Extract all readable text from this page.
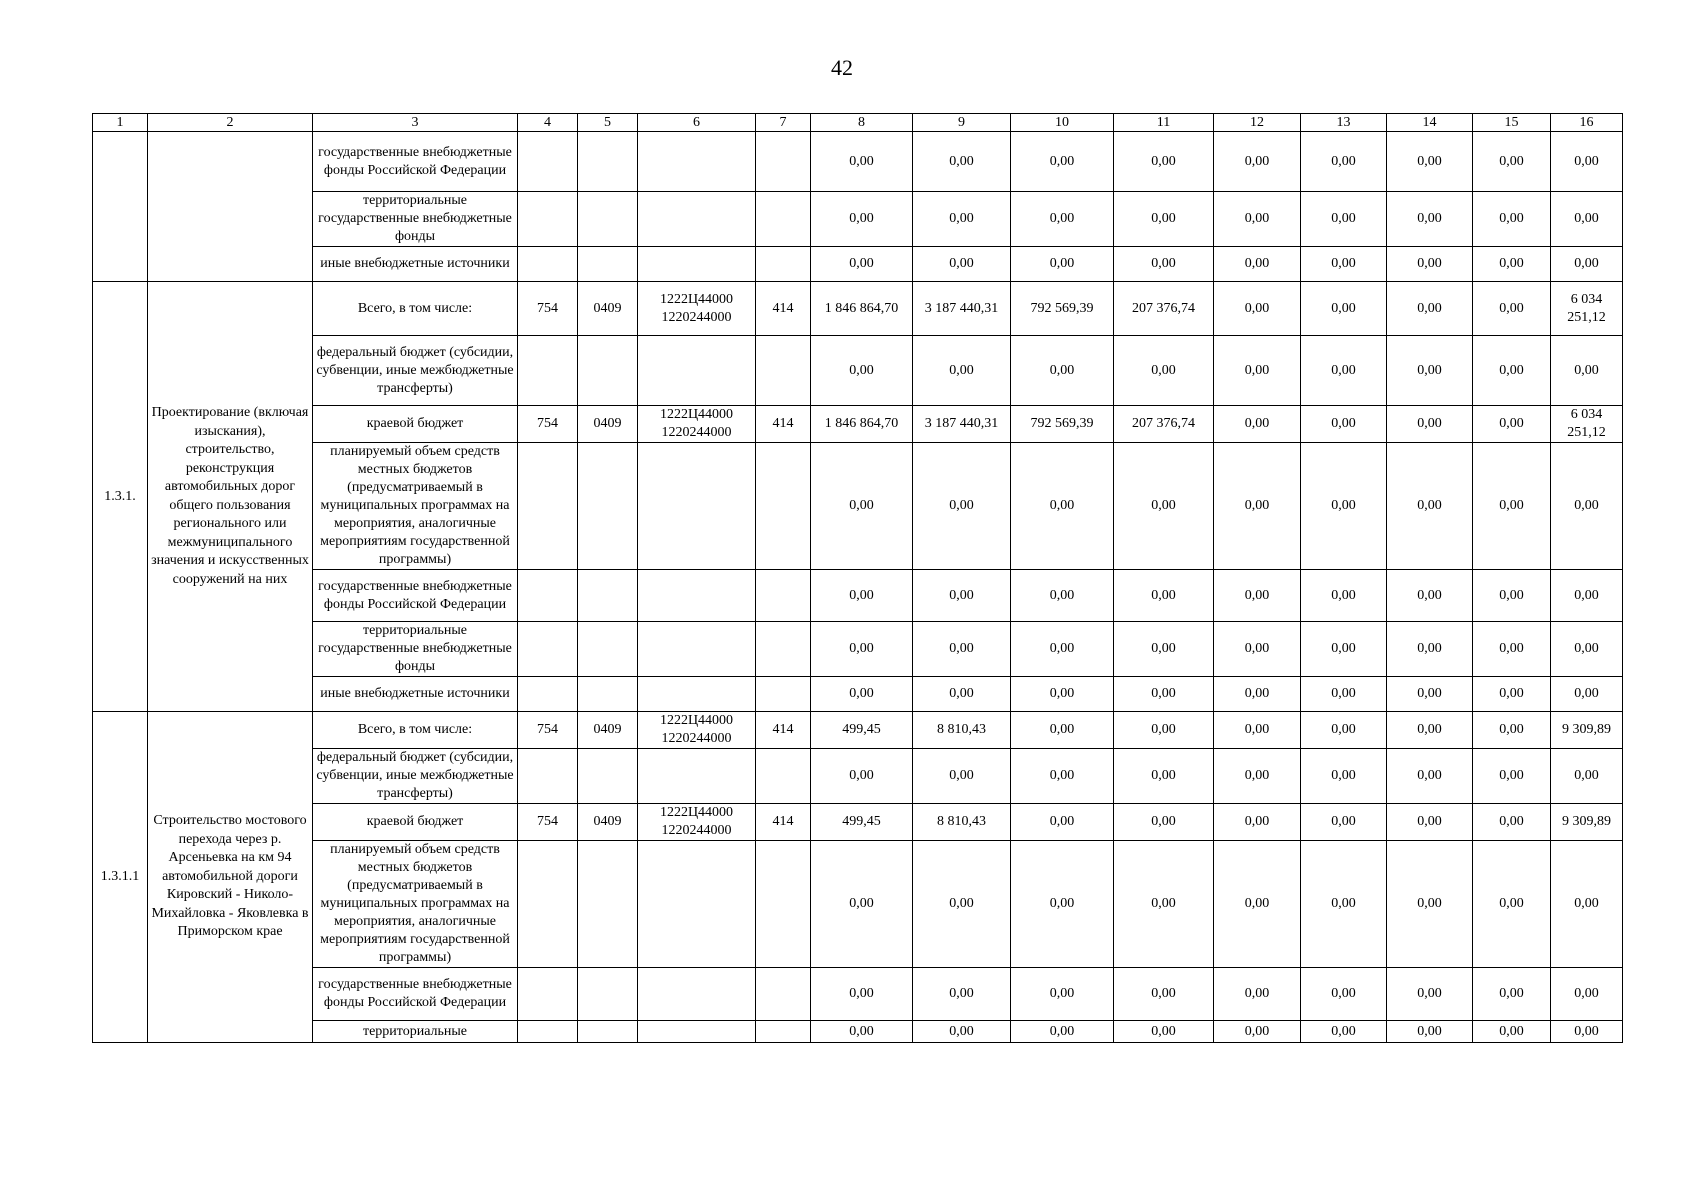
42
1	2	3	4	5	6	7	8	9	10	11	12	13	14	15	16
		государственные внебюджетные фонды Российской Федерации					0,00	0,00	0,00	0,00	0,00	0,00	0,00	0,00	0,00
		территориальные государственные внебюджетные фонды					0,00	0,00	0,00	0,00	0,00	0,00	0,00	0,00	0,00
		иные внебюджетные источники					0,00	0,00	0,00	0,00	0,00	0,00	0,00	0,00	0,00
1.3.1.	Проектирование (включая изыскания), строительство, реконструкция автомобильных дорог общего пользования регионального или межмуниципального значения и искусственных сооружений на них	Всего, в том числе:	754	0409	1222Ц44000 1220244000	414	1 846 864,70	3 187 440,31	792 569,39	207 376,74	0,00	0,00	0,00	0,00	6 034 251,12
		федеральный бюджет (субсидии, субвенции, иные межбюджетные трансферты)					0,00	0,00	0,00	0,00	0,00	0,00	0,00	0,00	0,00
		краевой бюджет	754	0409	1222Ц44000 1220244000	414	1 846 864,70	3 187 440,31	792 569,39	207 376,74	0,00	0,00	0,00	0,00	6 034 251,12
		планируемый объем средств местных бюджетов (предусматриваемый в муниципальных программах на мероприятия, аналогичные мероприятиям государственной программы)					0,00	0,00	0,00	0,00	0,00	0,00	0,00	0,00	0,00
		государственные внебюджетные фонды Российской Федерации					0,00	0,00	0,00	0,00	0,00	0,00	0,00	0,00	0,00
		территориальные государственные внебюджетные фонды					0,00	0,00	0,00	0,00	0,00	0,00	0,00	0,00	0,00
		иные внебюджетные источники					0,00	0,00	0,00	0,00	0,00	0,00	0,00	0,00	0,00
1.3.1.1	Строительство мостового перехода через р. Арсеньевка на км 94 автомобильной дороги Кировский - Николо-Михайловка - Яковлевка в Приморском крае	Всего, в том числе:	754	0409	1222Ц44000 1220244000	414	499,45	8 810,43	0,00	0,00	0,00	0,00	0,00	0,00	9 309,89
		федеральный бюджет (субсидии, субвенции, иные межбюджетные трансферты)					0,00	0,00	0,00	0,00	0,00	0,00	0,00	0,00	0,00
		краевой бюджет	754	0409	1222Ц44000 1220244000	414	499,45	8 810,43	0,00	0,00	0,00	0,00	0,00	0,00	9 309,89
		планируемый объем средств местных бюджетов (предусматриваемый в муниципальных программах на мероприятия, аналогичные мероприятиям государственной программы)					0,00	0,00	0,00	0,00	0,00	0,00	0,00	0,00	0,00
		государственные внебюджетные фонды Российской Федерации					0,00	0,00	0,00	0,00	0,00	0,00	0,00	0,00	0,00
		территориальные					0,00	0,00	0,00	0,00	0,00	0,00	0,00	0,00	0,00
